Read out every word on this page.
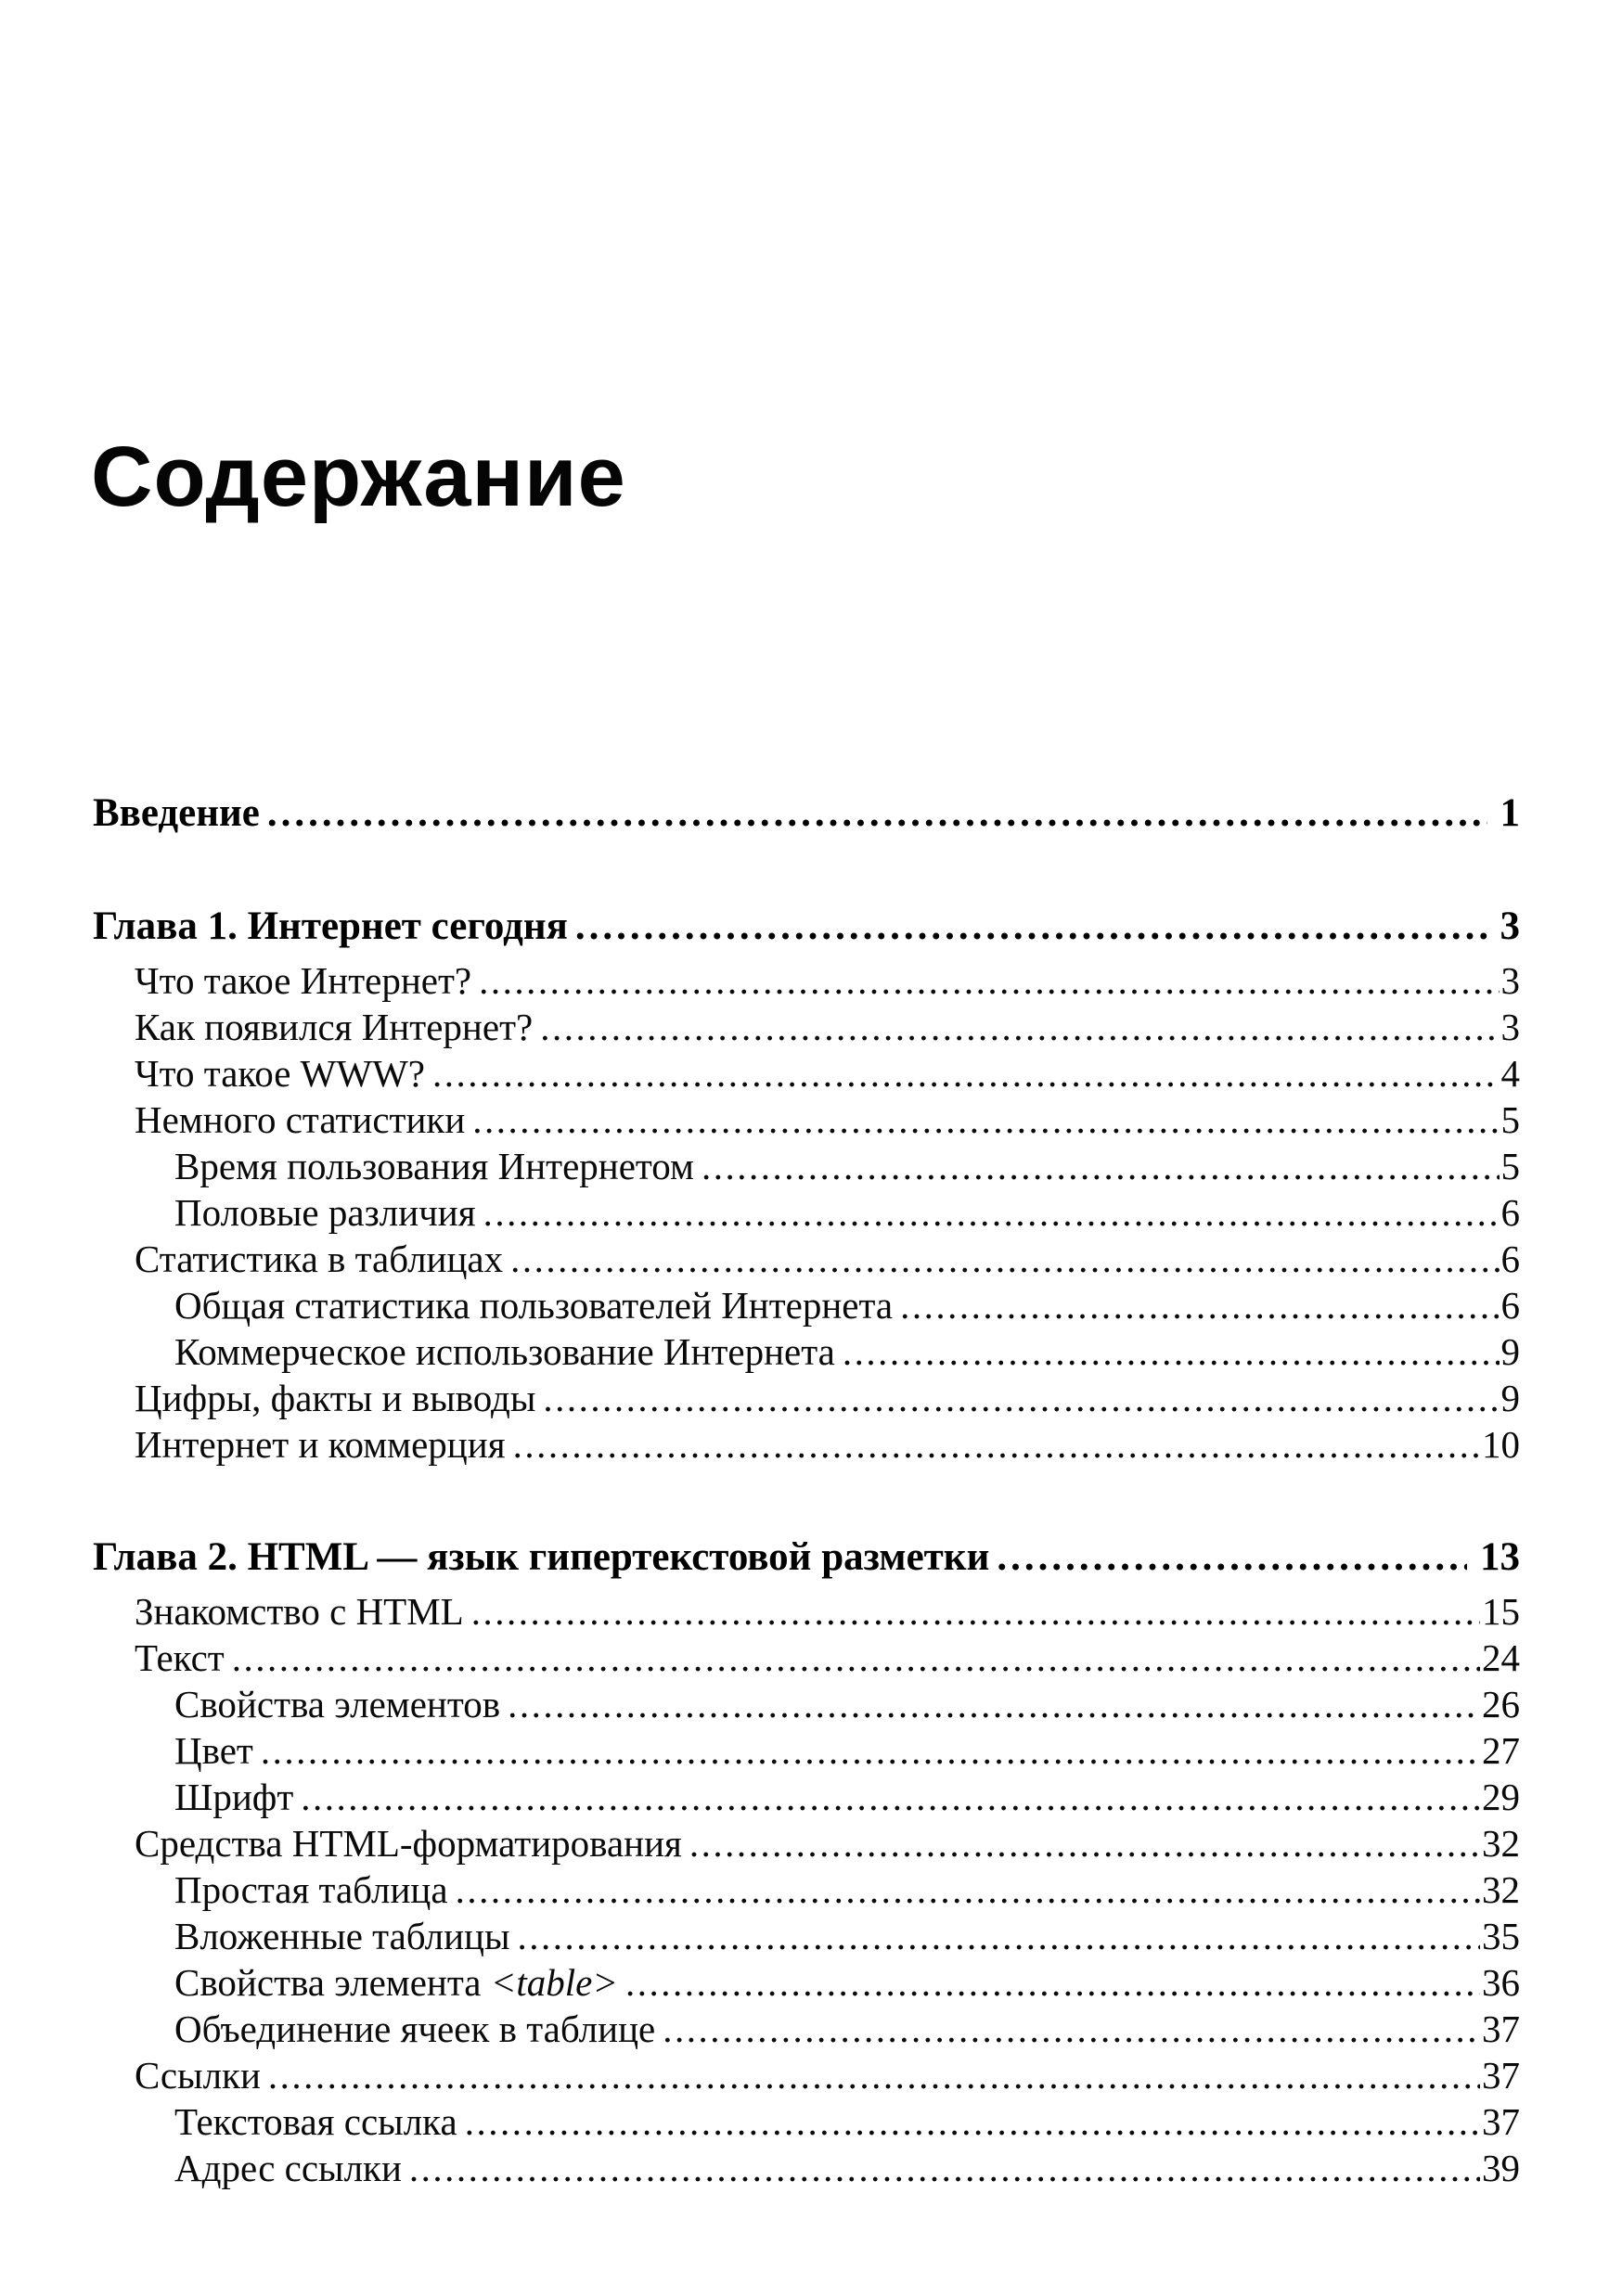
Содержание
Введение .....	1
Глава 1. Интернет сегодня .....	3
Что такое Интернет? .....	3
Как появился Интернет? .....	3
Что такое WWW? .....	4
Немного статистики .....	5
Время пользования Интернетом .....	5
Половые различия .....	6
Статистика в таблицах .....	6
Общая статистика пользователей Интернета .....	6
Коммерческое использование Интернета .....	9
Цифры, факты и выводы .....	9
Интернет и коммерция .....	10
Глава 2. HTML — язык гипертекстовой разметки .....	13
Знакомство с HTML .....	15
Текст .....	24
Свойства элементов .....	26
Цвет .....	27
Шрифт .....	29
Средства HTML-форматирования .....	32
Простая таблица .....	32
Вложенные таблицы .....	35
Свойства элемента <table> .....	36
Объединение ячеек в таблице .....	37
Ссылки .....	37
Текстовая ссылка .....	37
Адрес ссылки .....	39
